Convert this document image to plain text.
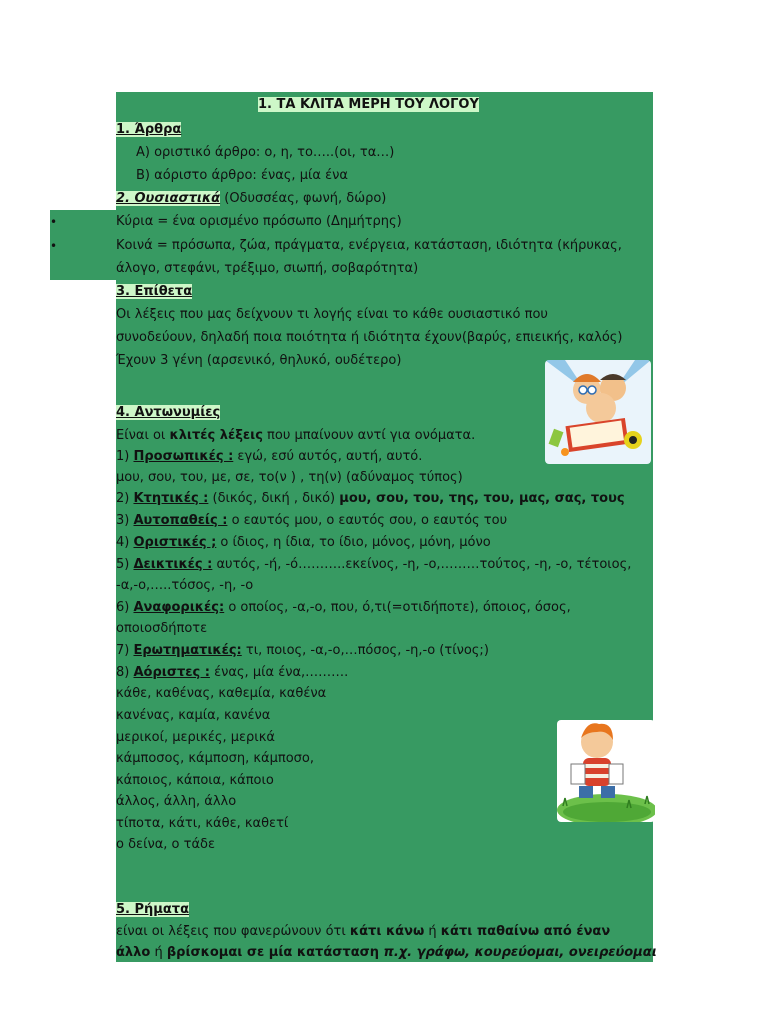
1. ΤΑ ΚΛΙΤΑ ΜΕΡΗ ΤΟΥ ΛΟΓΟΥ
1. Άρθρα
Α) οριστικό άρθρο: ο, η, το…..(οι, τα…)
Β) αόριστο άρθρο: ένας, μία ένα
2. Ουσιαστικά (Οδυσσέας, φωνή, δώρο)
•	Κύρια = ένα ορισμένο πρόσωπο (Δημήτρης)
•	Κοινά = πρόσωπα, ζώα, πράγματα, ενέργεια, κατάσταση, ιδιότητα (κήρυκας,
άλογο, στεφάνι, τρέξιμο, σιωπή, σοβαρότητα)
3. Επίθετα
Οι λέξεις που μας δείχνουν τι λογής είναι το κάθε ουσιαστικό που
συνοδεύουν, δηλαδή ποια ποιότητα ή ιδιότητα έχουν(βαρύς, επιεικής, καλός)
Έχουν 3 γένη (αρσενικό, θηλυκό, ουδέτερο)
4. Αντωνυμίες
Είναι οι κλιτές λέξεις που μπαίνουν αντί για ονόματα.
1) Προσωπικές : εγώ, εσύ αυτός, αυτή, αυτό.
μου, σου, του, με, σε, το(ν ) , τη(ν) (αδύναμος τύπος)
2) Κτητικές : (δικός, δική , δικό) μου, σου, του, της, του, μας, σας, τους
3) Αυτοπαθείς : ο εαυτός μου, ο εαυτός σου, ο εαυτός του
4) Οριστικές ; ο ίδιος, η ίδια, το ίδιο, μόνος, μόνη, μόνο
5) Δεικτικές : αυτός, -ή, -ό………..εκείνος, -η, -ο,………τούτος, -η, -ο, τέτοιος,
-α,-ο,…..τόσος, -η, -ο
6) Αναφορικές: ο οποίος, -α,-ο, που, ό,τι(=οτιδήποτε), όποιος, όσος,
οποιοσδήποτε
7) Ερωτηματικές: τι, ποιος, -α,-ο,…πόσος, -η,-ο (τίνος;)
8) Αόριστες : ένας, μία ένα,……….
κάθε, καθένας, καθεμία, καθένα
κανένας, καμία, κανένα
μερικοί, μερικές, μερικά
κάμποσος, κάμποση, κάμποσο,
κάποιος, κάποια, κάποιο
άλλος, άλλη, άλλο
τίποτα, κάτι, κάθε, καθετί
ο δείνα, ο τάδε
5. Ρήματα
είναι οι λέξεις που φανερώνουν ότι κάτι κάνω ή κάτι παθαίνω από έναν
άλλο ή βρίσκομαι σε μία κατάσταση π.χ. γράφω, κουρεύομαι, ονειρεύομαι
